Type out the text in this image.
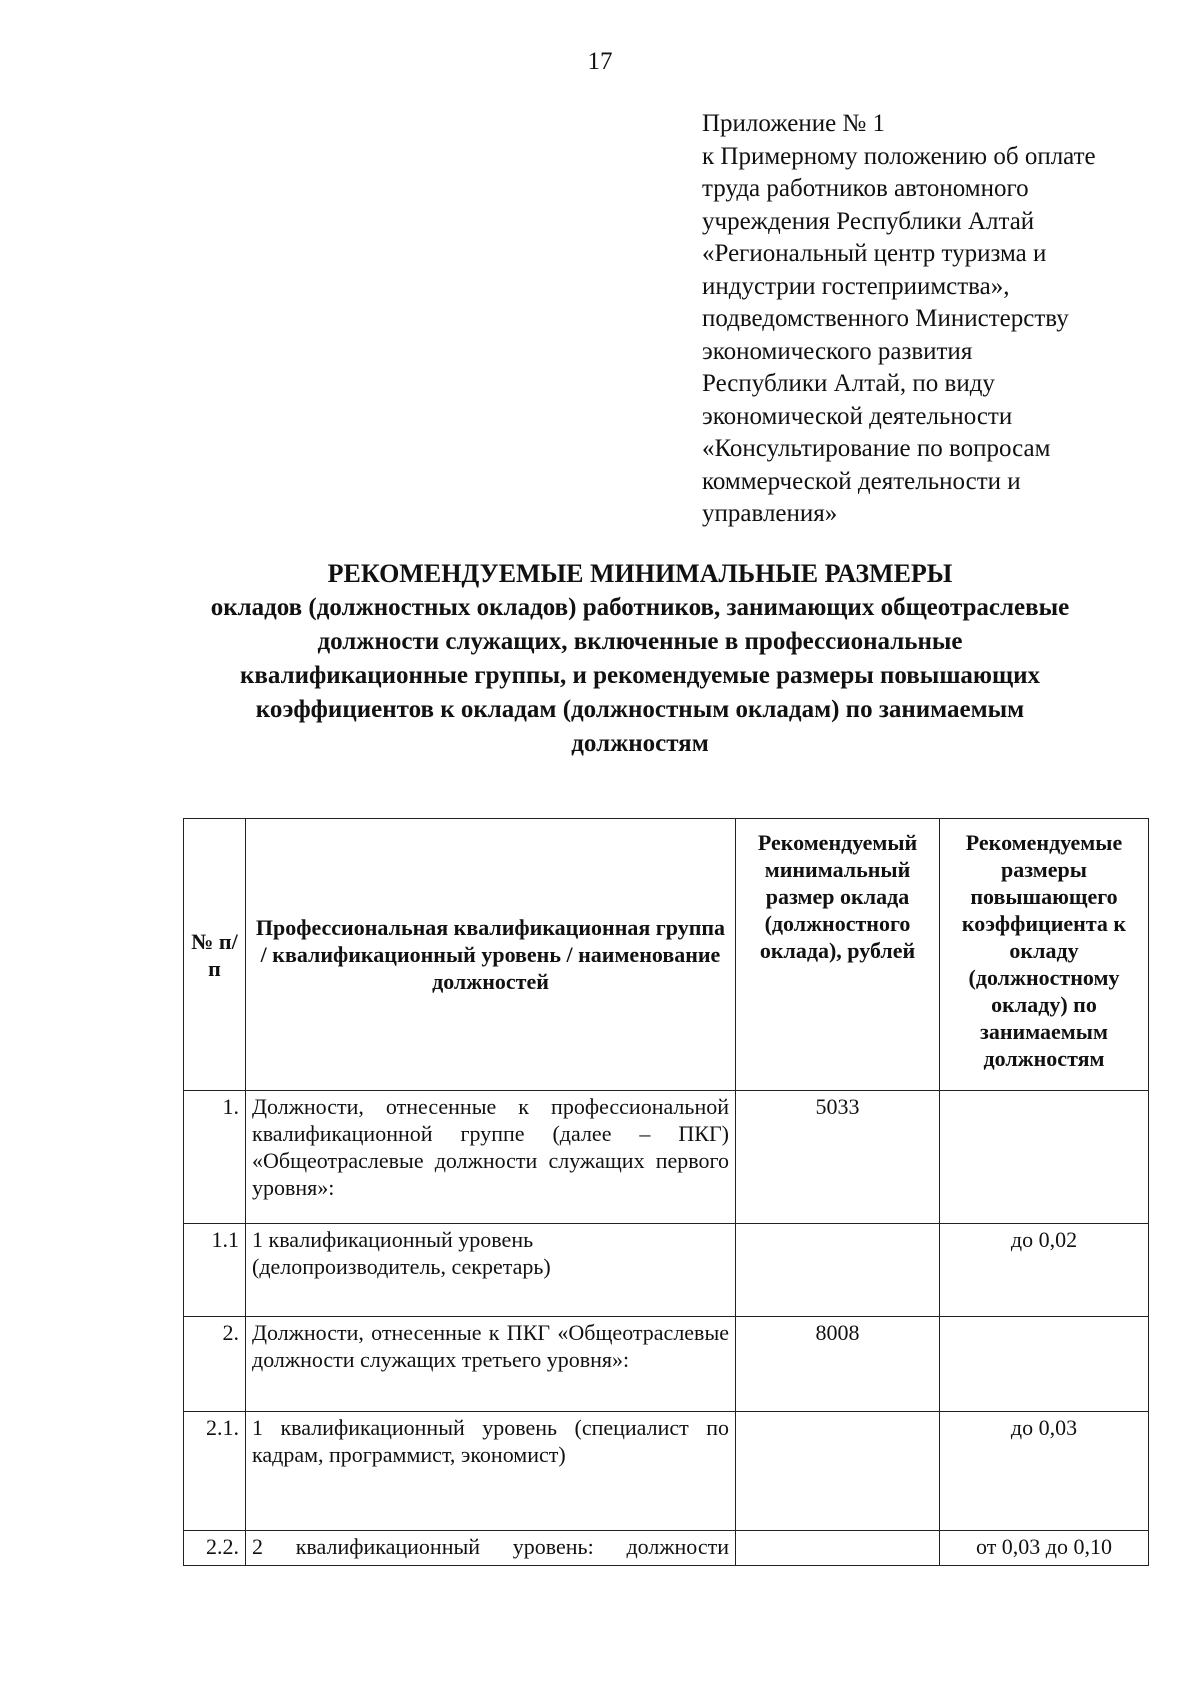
17
Приложение № 1
к Примерному положению об оплате
труда работников автономного
учреждения Республики Алтай
«Региональный центр туризма и
индустрии гостеприимства»,
подведомственного Министерству
экономического развития
Республики Алтай, по виду
экономической деятельности
«Консультирование по вопросам
коммерческой деятельности и
управления»
РЕКОМЕНДУЕМЫЕ МИНИМАЛЬНЫЕ РАЗМЕРЫ
окладов (должностных окладов) работников, занимающих общеотраслевые
должности служащих, включенные в профессиональные
квалификационные группы, и рекомендуемые размеры повышающих
коэффициентов к окладам (должностным окладам) по занимаемым
должностям
№ п/п	Профессиональная квалификационная группа / квалификационный уровень / наименование должностей	Рекомендуемый минимальный размер оклада (должностного оклада), рублей	Рекомендуемые размеры повышающего коэффициента к окладу (должностному окладу) по занимаемым должностям
1.	Должности, отнесенные к профессиональной квалификационной группе (далее – ПКГ) «Общеотраслевые должности служащих первого уровня»:	5033	
1.1	1 квалификационный уровень (делопроизводитель, секретарь)		до 0,02
2.	Должности, отнесенные к ПКГ «Общеотраслевые должности служащих третьего уровня»:	8008	
2.1.	1 квалификационный уровень (специалист по кадрам, программист, экономист)		до 0,03
2.2.	2 квалификационный уровень: должности		от 0,03 до 0,10
